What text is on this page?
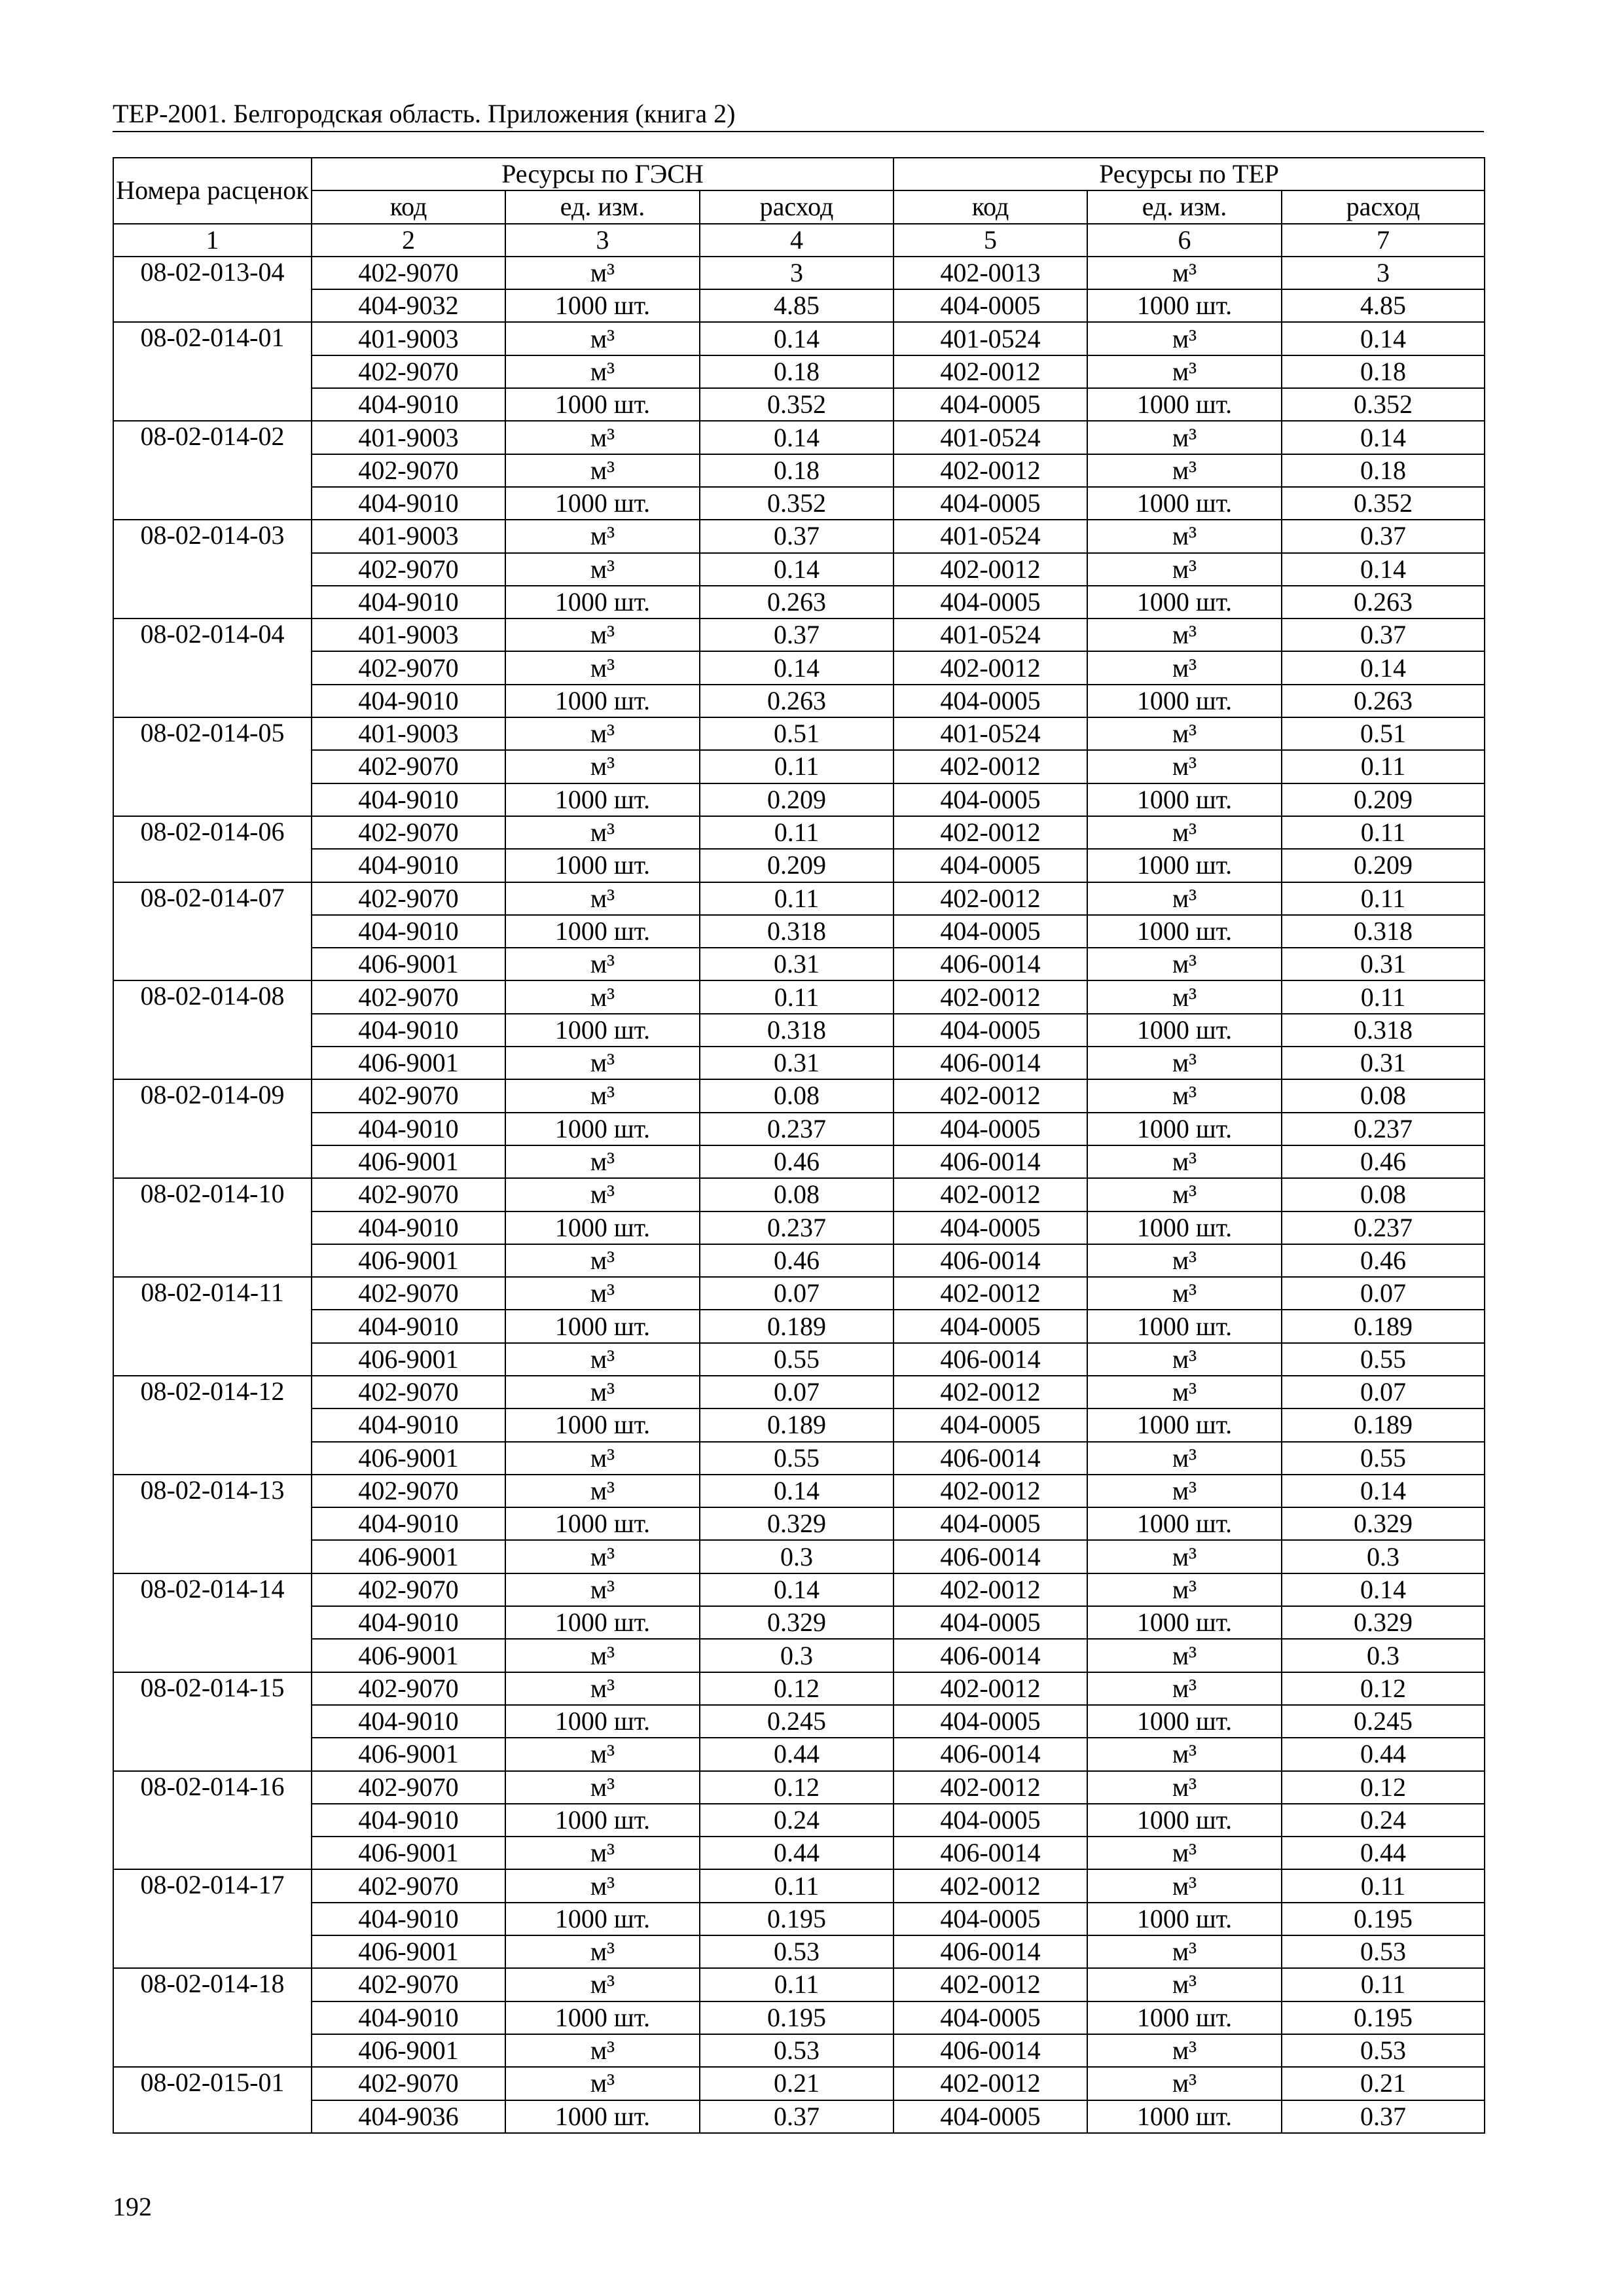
ТЕР-2001. Белгородская область. Приложения (книга 2)
Номера расценок	Ресурсы по ГЭСН			Ресурсы по ТЕР		
	код	ед. изм.	расход	код	ед. изм.	расход
1	2	3	4	5	6	7
08-02-013-04	402-9070	м³	3	402-0013	м³	3
	404-9032	1000 шт.	4.85	404-0005	1000 шт.	4.85
08-02-014-01	401-9003	м³	0.14	401-0524	м³	0.14
	402-9070	м³	0.18	402-0012	м³	0.18
	404-9010	1000 шт.	0.352	404-0005	1000 шт.	0.352
08-02-014-02	401-9003	м³	0.14	401-0524	м³	0.14
	402-9070	м³	0.18	402-0012	м³	0.18
	404-9010	1000 шт.	0.352	404-0005	1000 шт.	0.352
08-02-014-03	401-9003	м³	0.37	401-0524	м³	0.37
	402-9070	м³	0.14	402-0012	м³	0.14
	404-9010	1000 шт.	0.263	404-0005	1000 шт.	0.263
08-02-014-04	401-9003	м³	0.37	401-0524	м³	0.37
	402-9070	м³	0.14	402-0012	м³	0.14
	404-9010	1000 шт.	0.263	404-0005	1000 шт.	0.263
08-02-014-05	401-9003	м³	0.51	401-0524	м³	0.51
	402-9070	м³	0.11	402-0012	м³	0.11
	404-9010	1000 шт.	0.209	404-0005	1000 шт.	0.209
08-02-014-06	402-9070	м³	0.11	402-0012	м³	0.11
	404-9010	1000 шт.	0.209	404-0005	1000 шт.	0.209
08-02-014-07	402-9070	м³	0.11	402-0012	м³	0.11
	404-9010	1000 шт.	0.318	404-0005	1000 шт.	0.318
	406-9001	м³	0.31	406-0014	м³	0.31
08-02-014-08	402-9070	м³	0.11	402-0012	м³	0.11
	404-9010	1000 шт.	0.318	404-0005	1000 шт.	0.318
	406-9001	м³	0.31	406-0014	м³	0.31
08-02-014-09	402-9070	м³	0.08	402-0012	м³	0.08
	404-9010	1000 шт.	0.237	404-0005	1000 шт.	0.237
	406-9001	м³	0.46	406-0014	м³	0.46
08-02-014-10	402-9070	м³	0.08	402-0012	м³	0.08
	404-9010	1000 шт.	0.237	404-0005	1000 шт.	0.237
	406-9001	м³	0.46	406-0014	м³	0.46
08-02-014-11	402-9070	м³	0.07	402-0012	м³	0.07
	404-9010	1000 шт.	0.189	404-0005	1000 шт.	0.189
	406-9001	м³	0.55	406-0014	м³	0.55
08-02-014-12	402-9070	м³	0.07	402-0012	м³	0.07
	404-9010	1000 шт.	0.189	404-0005	1000 шт.	0.189
	406-9001	м³	0.55	406-0014	м³	0.55
08-02-014-13	402-9070	м³	0.14	402-0012	м³	0.14
	404-9010	1000 шт.	0.329	404-0005	1000 шт.	0.329
	406-9001	м³	0.3	406-0014	м³	0.3
08-02-014-14	402-9070	м³	0.14	402-0012	м³	0.14
	404-9010	1000 шт.	0.329	404-0005	1000 шт.	0.329
	406-9001	м³	0.3	406-0014	м³	0.3
08-02-014-15	402-9070	м³	0.12	402-0012	м³	0.12
	404-9010	1000 шт.	0.245	404-0005	1000 шт.	0.245
	406-9001	м³	0.44	406-0014	м³	0.44
08-02-014-16	402-9070	м³	0.12	402-0012	м³	0.12
	404-9010	1000 шт.	0.24	404-0005	1000 шт.	0.24
	406-9001	м³	0.44	406-0014	м³	0.44
08-02-014-17	402-9070	м³	0.11	402-0012	м³	0.11
	404-9010	1000 шт.	0.195	404-0005	1000 шт.	0.195
	406-9001	м³	0.53	406-0014	м³	0.53
08-02-014-18	402-9070	м³	0.11	402-0012	м³	0.11
	404-9010	1000 шт.	0.195	404-0005	1000 шт.	0.195
	406-9001	м³	0.53	406-0014	м³	0.53
08-02-015-01	402-9070	м³	0.21	402-0012	м³	0.21
	404-9036	1000 шт.	0.37	404-0005	1000 шт.	0.37
192
